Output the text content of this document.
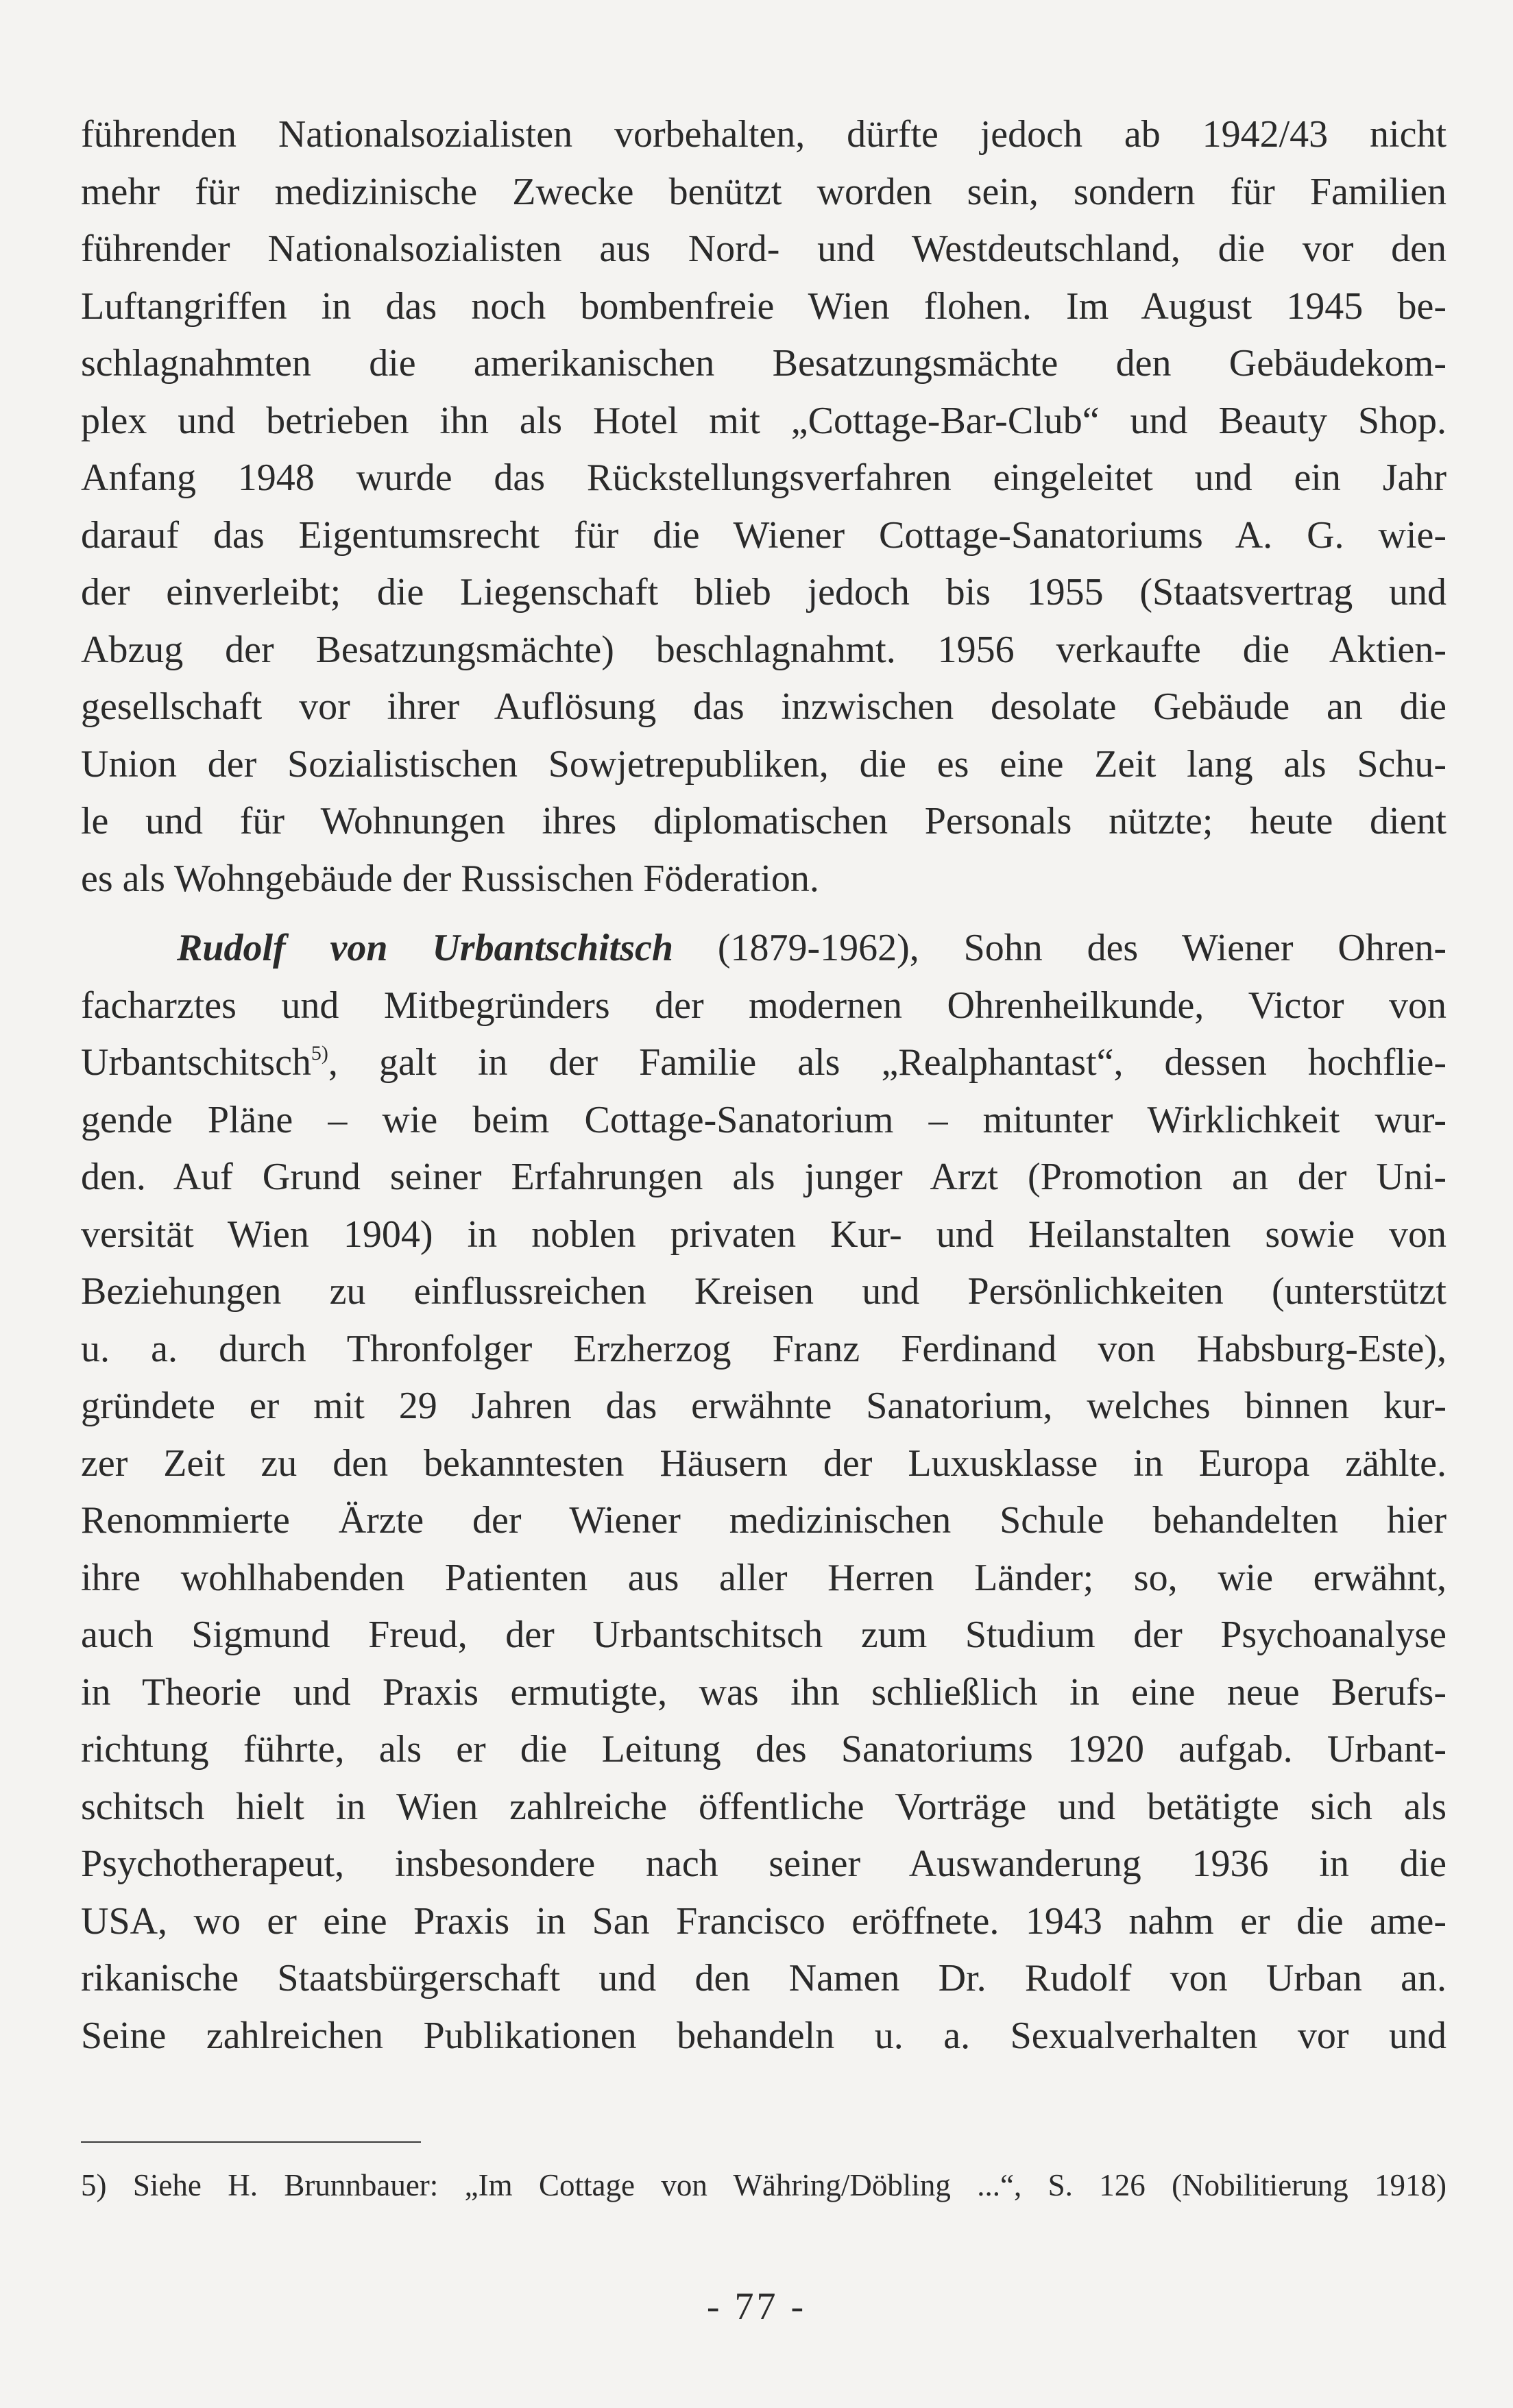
führenden Nationalsozialisten vorbehalten, dürfte jedoch ab 1942/43 nicht
mehr für medizinische Zwecke benützt worden sein, sondern für Familien
führender Nationalsozialisten aus Nord- und Westdeutschland, die vor den
Luftangriffen in das noch bombenfreie Wien flohen. Im August 1945 be-
schlagnahmten die amerikanischen Besatzungsmächte den Gebäudekom-
plex und betrieben ihn als Hotel mit „Cottage-Bar-Club“ und Beauty Shop.
Anfang 1948 wurde das Rückstellungsverfahren eingeleitet und ein Jahr
darauf das Eigentumsrecht für die Wiener Cottage-Sanatoriums A. G. wie-
der einverleibt; die Liegenschaft blieb jedoch bis 1955 (Staatsvertrag und
Abzug der Besatzungsmächte) beschlagnahmt. 1956 verkaufte die Aktien-
gesellschaft vor ihrer Auflösung das inzwischen desolate Gebäude an die
Union der Sozialistischen Sowjetrepubliken, die es eine Zeit lang als Schu-
le und für Wohnungen ihres diplomatischen Personals nützte; heute dient
es als Wohngebäude der Russischen Föderation.
Rudolf von Urbantschitsch (1879-1962), Sohn des Wiener Ohren-
facharztes und Mitbegründers der modernen Ohrenheilkunde, Victor von
Urbantschitsch$^{5)}$, galt in der Familie als „Realphantast“, dessen hochflie-
gende Pläne – wie beim Cottage-Sanatorium – mitunter Wirklichkeit wur-
den. Auf Grund seiner Erfahrungen als junger Arzt (Promotion an der Uni-
versität Wien 1904) in noblen privaten Kur- und Heilanstalten sowie von
Beziehungen zu einflussreichen Kreisen und Persönlichkeiten (unterstützt
u. a. durch Thronfolger Erzherzog Franz Ferdinand von Habsburg-Este),
gründete er mit 29 Jahren das erwähnte Sanatorium, welches binnen kur-
zer Zeit zu den bekanntesten Häusern der Luxusklasse in Europa zählte.
Renommierte Ärzte der Wiener medizinischen Schule behandelten hier
ihre wohlhabenden Patienten aus aller Herren Länder; so, wie erwähnt,
auch Sigmund Freud, der Urbantschitsch zum Studium der Psychoanalyse
in Theorie und Praxis ermutigte, was ihn schließlich in eine neue Berufs-
richtung führte, als er die Leitung des Sanatoriums 1920 aufgab. Urbant-
schitsch hielt in Wien zahlreiche öffentliche Vorträge und betätigte sich als
Psychotherapeut, insbesondere nach seiner Auswanderung 1936 in die
USA, wo er eine Praxis in San Francisco eröffnete. 1943 nahm er die ame-
rikanische Staatsbürgerschaft und den Namen Dr. Rudolf von Urban an.
Seine zahlreichen Publikationen behandeln u. a. Sexualverhalten vor und
5) Siehe H. Brunnbauer: „Im Cottage von Währing/Döbling ...“, S. 126 (Nobilitierung 1918)
- 77 -
